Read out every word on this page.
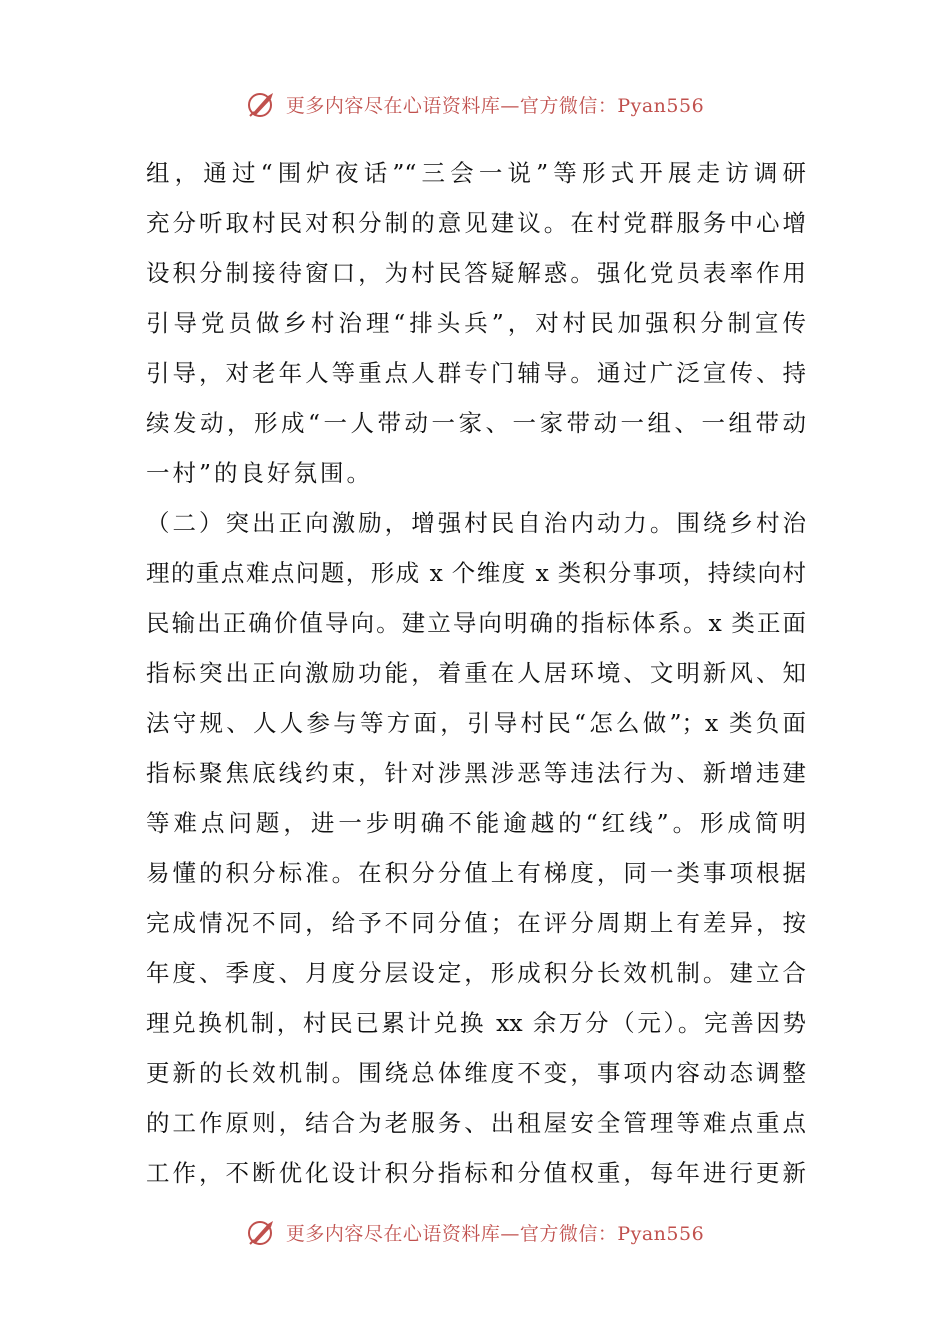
更多内容尽在心语资料库—官方微信：Pyan556
组，通过“围炉夜话”“三会一说”等形式开展走访调研
充分听取村民对积分制的意见建议。在村党群服务中心增
设积分制接待窗口，为村民答疑解惑。强化党员表率作用
引导党员做乡村治理“排头兵”，对村民加强积分制宣传
引导，对老年人等重点人群专门辅导。通过广泛宣传、持
续发动，形成“一人带动一家、一家带动一组、一组带动
一村”的良好氛围。
（二）突出正向激励，增强村民自治内动力。围绕乡村治
理的重点难点问题，形成 x 个维度 x 类积分事项，持续向村
民输出正确价值导向。建立导向明确的指标体系。x 类正面
指标突出正向激励功能，着重在人居环境、文明新风、知
法守规、人人参与等方面，引导村民“怎么做”；x 类负面
指标聚焦底线约束，针对涉黑涉恶等违法行为、新增违建
等难点问题，进一步明确不能逾越的“红线”。形成简明
易懂的积分标准。在积分分值上有梯度，同一类事项根据
完成情况不同，给予不同分值；在评分周期上有差异，按
年度、季度、月度分层设定，形成积分长效机制。建立合
理兑换机制，村民已累计兑换 xx 余万分（元）。完善因势
更新的长效机制。围绕总体维度不变，事项内容动态调整
的工作原则，结合为老服务、出租屋安全管理等难点重点
工作，不断优化设计积分指标和分值权重，每年进行更新
更多内容尽在心语资料库—官方微信：Pyan556
